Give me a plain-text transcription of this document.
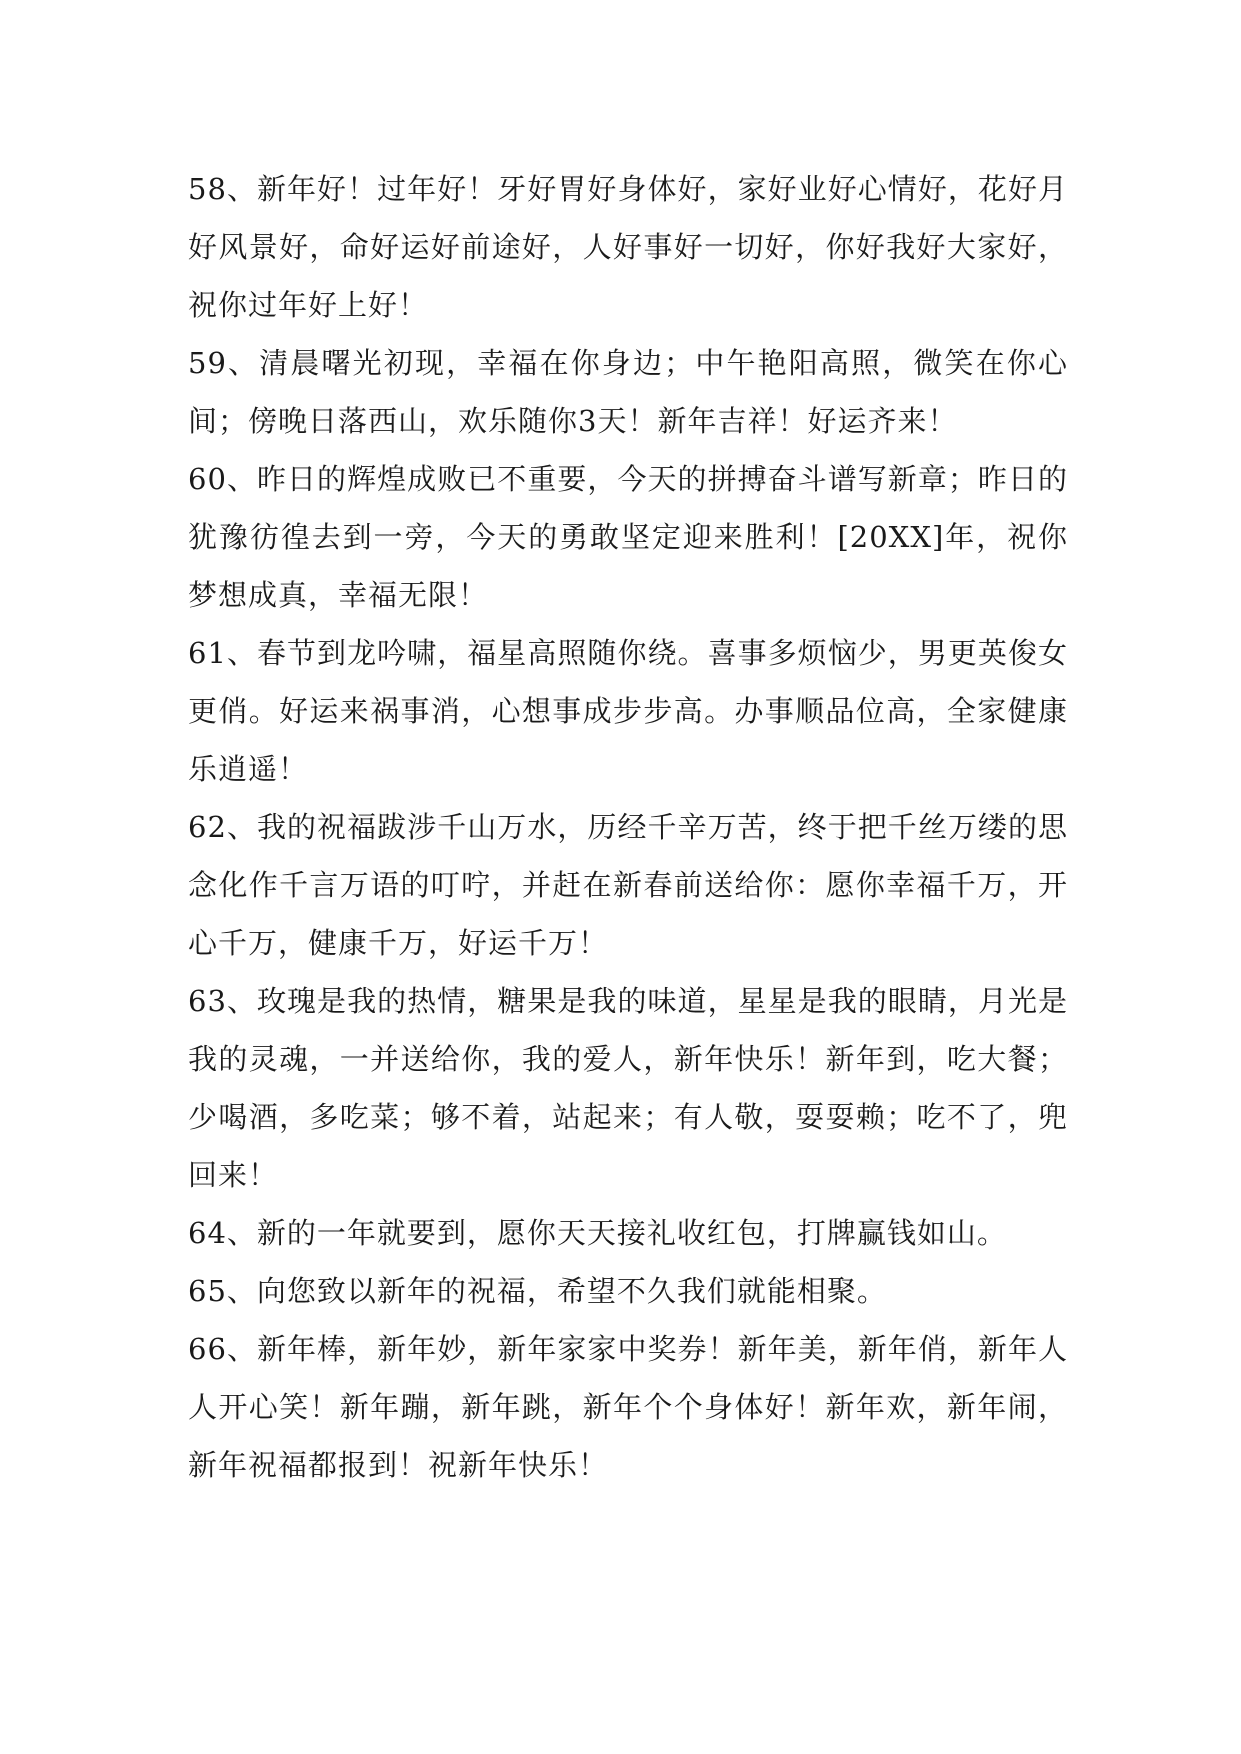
58、新年好！过年好！牙好胃好身体好，家好业好心情好，花好月好风景好，命好运好前途好，人好事好一切好，你好我好大家好，祝你过年好上好！

59、清晨曙光初现，幸福在你身边；中午艳阳高照，微笑在你心间；傍晚日落西山，欢乐随你3天！新年吉祥！好运齐来！

60、昨日的辉煌成败已不重要，今天的拼搏奋斗谱写新章；昨日的犹豫彷徨去到一旁，今天的勇敢坚定迎来胜利！[20XX]年，祝你梦想成真，幸福无限！

61、春节到龙吟啸，福星高照随你绕。喜事多烦恼少，男更英俊女更俏。好运来祸事消，心想事成步步高。办事顺品位高，全家健康乐逍遥！

62、我的祝福跋涉千山万水，历经千辛万苦，终于把千丝万缕的思念化作千言万语的叮咛，并赶在新春前送给你：愿你幸福千万，开心千万，健康千万，好运千万！

63、玫瑰是我的热情，糖果是我的味道，星星是我的眼睛，月光是我的灵魂，一并送给你，我的爱人，新年快乐！新年到，吃大餐；少喝酒，多吃菜；够不着，站起来；有人敬，耍耍赖；吃不了，兜回来！

64、新的一年就要到，愿你天天接礼收红包，打牌赢钱如山。

65、向您致以新年的祝福，希望不久我们就能相聚。

66、新年棒，新年妙，新年家家中奖券！新年美，新年俏，新年人人开心笑！新年蹦，新年跳，新年个个身体好！新年欢，新年闹，新年祝福都报到！祝新年快乐！
